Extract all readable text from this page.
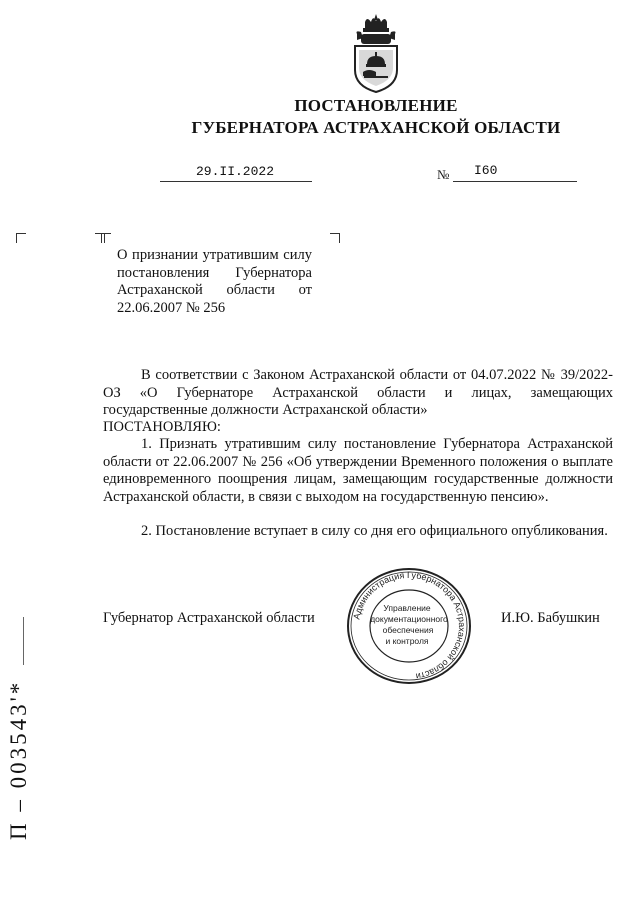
ПОСТАНОВЛЕНИЕ
ГУБЕРНАТОРА АСТРАХАНСКОЙ ОБЛАСТИ
29.II.2022	№ I60
О признании утратившим силу постановления Губернатора Астраханской области от 22.06.2007 № 256
В соответствии с Законом Астраханской области от 04.07.2022 № 39/2022-ОЗ «О Губернаторе Астраханской области и лицах, замещающих государственные должности Астраханской области»
ПОСТАНОВЛЯЮ:
1. Признать утратившим силу постановление Губернатора Астраханской области от 22.06.2007 № 256 «Об утверждении Временного положения о выплате единовременного поощрения лицам, замещающим государственные должности Астраханской области, в связи с выходом на государственную пенсию».
2. Постановление вступает в силу со дня его официального опубликования.
Губернатор Астраханской области	И.Ю. Бабушкин
Администрация Губернатора Астраханской области
Управление
документационного
обеспечения
и контроля
П – 003543'*
